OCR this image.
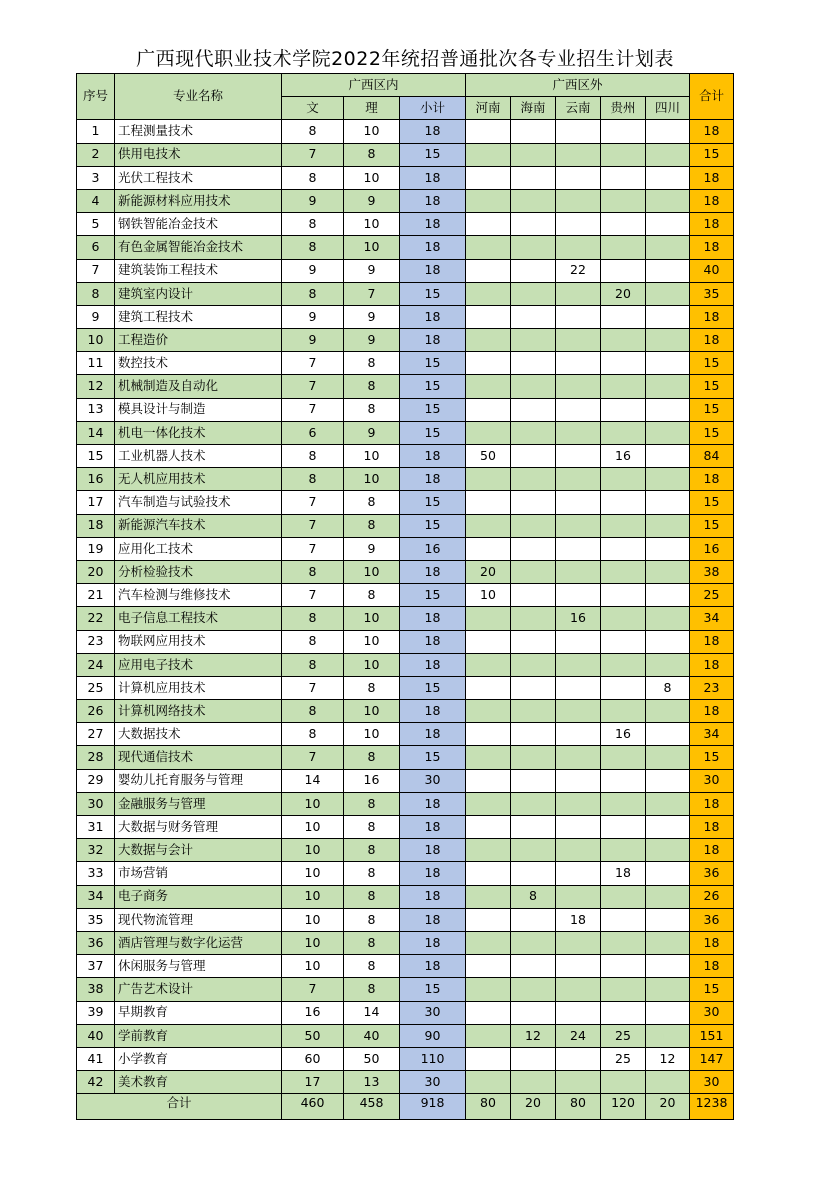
广西现代职业技术学院2022年统招普通批次各专业招生计划表
序号	专业名称	广西区内			广西区外					合计
		文	理	小计	河南	海南	云南	贵州	四川	
1	工程测量技术	8	10	18						18
2	供用电技术	7	8	15						15
3	光伏工程技术	8	10	18						18
4	新能源材料应用技术	9	9	18						18
5	钢铁智能冶金技术	8	10	18						18
6	有色金属智能冶金技术	8	10	18						18
7	建筑装饰工程技术	9	9	18			22			40
8	建筑室内设计	8	7	15				20		35
9	建筑工程技术	9	9	18						18
10	工程造价	9	9	18						18
11	数控技术	7	8	15						15
12	机械制造及自动化	7	8	15						15
13	模具设计与制造	7	8	15						15
14	机电一体化技术	6	9	15						15
15	工业机器人技术	8	10	18	50			16		84
16	无人机应用技术	8	10	18						18
17	汽车制造与试验技术	7	8	15						15
18	新能源汽车技术	7	8	15						15
19	应用化工技术	7	9	16						16
20	分析检验技术	8	10	18	20					38
21	汽车检测与维修技术	7	8	15	10					25
22	电子信息工程技术	8	10	18			16			34
23	物联网应用技术	8	10	18						18
24	应用电子技术	8	10	18						18
25	计算机应用技术	7	8	15					8	23
26	计算机网络技术	8	10	18						18
27	大数据技术	8	10	18				16		34
28	现代通信技术	7	8	15						15
29	婴幼儿托育服务与管理	14	16	30						30
30	金融服务与管理	10	8	18						18
31	大数据与财务管理	10	8	18						18
32	大数据与会计	10	8	18						18
33	市场营销	10	8	18				18		36
34	电子商务	10	8	18		8				26
35	现代物流管理	10	8	18			18			36
36	酒店管理与数字化运营	10	8	18						18
37	休闲服务与管理	10	8	18						18
38	广告艺术设计	7	8	15						15
39	早期教育	16	14	30						30
40	学前教育	50	40	90		12	24	25		151
41	小学教育	60	50	110				25	12	147
42	美术教育	17	13	30						30
合计		460	458	918	80	20	80	120	20	1238
